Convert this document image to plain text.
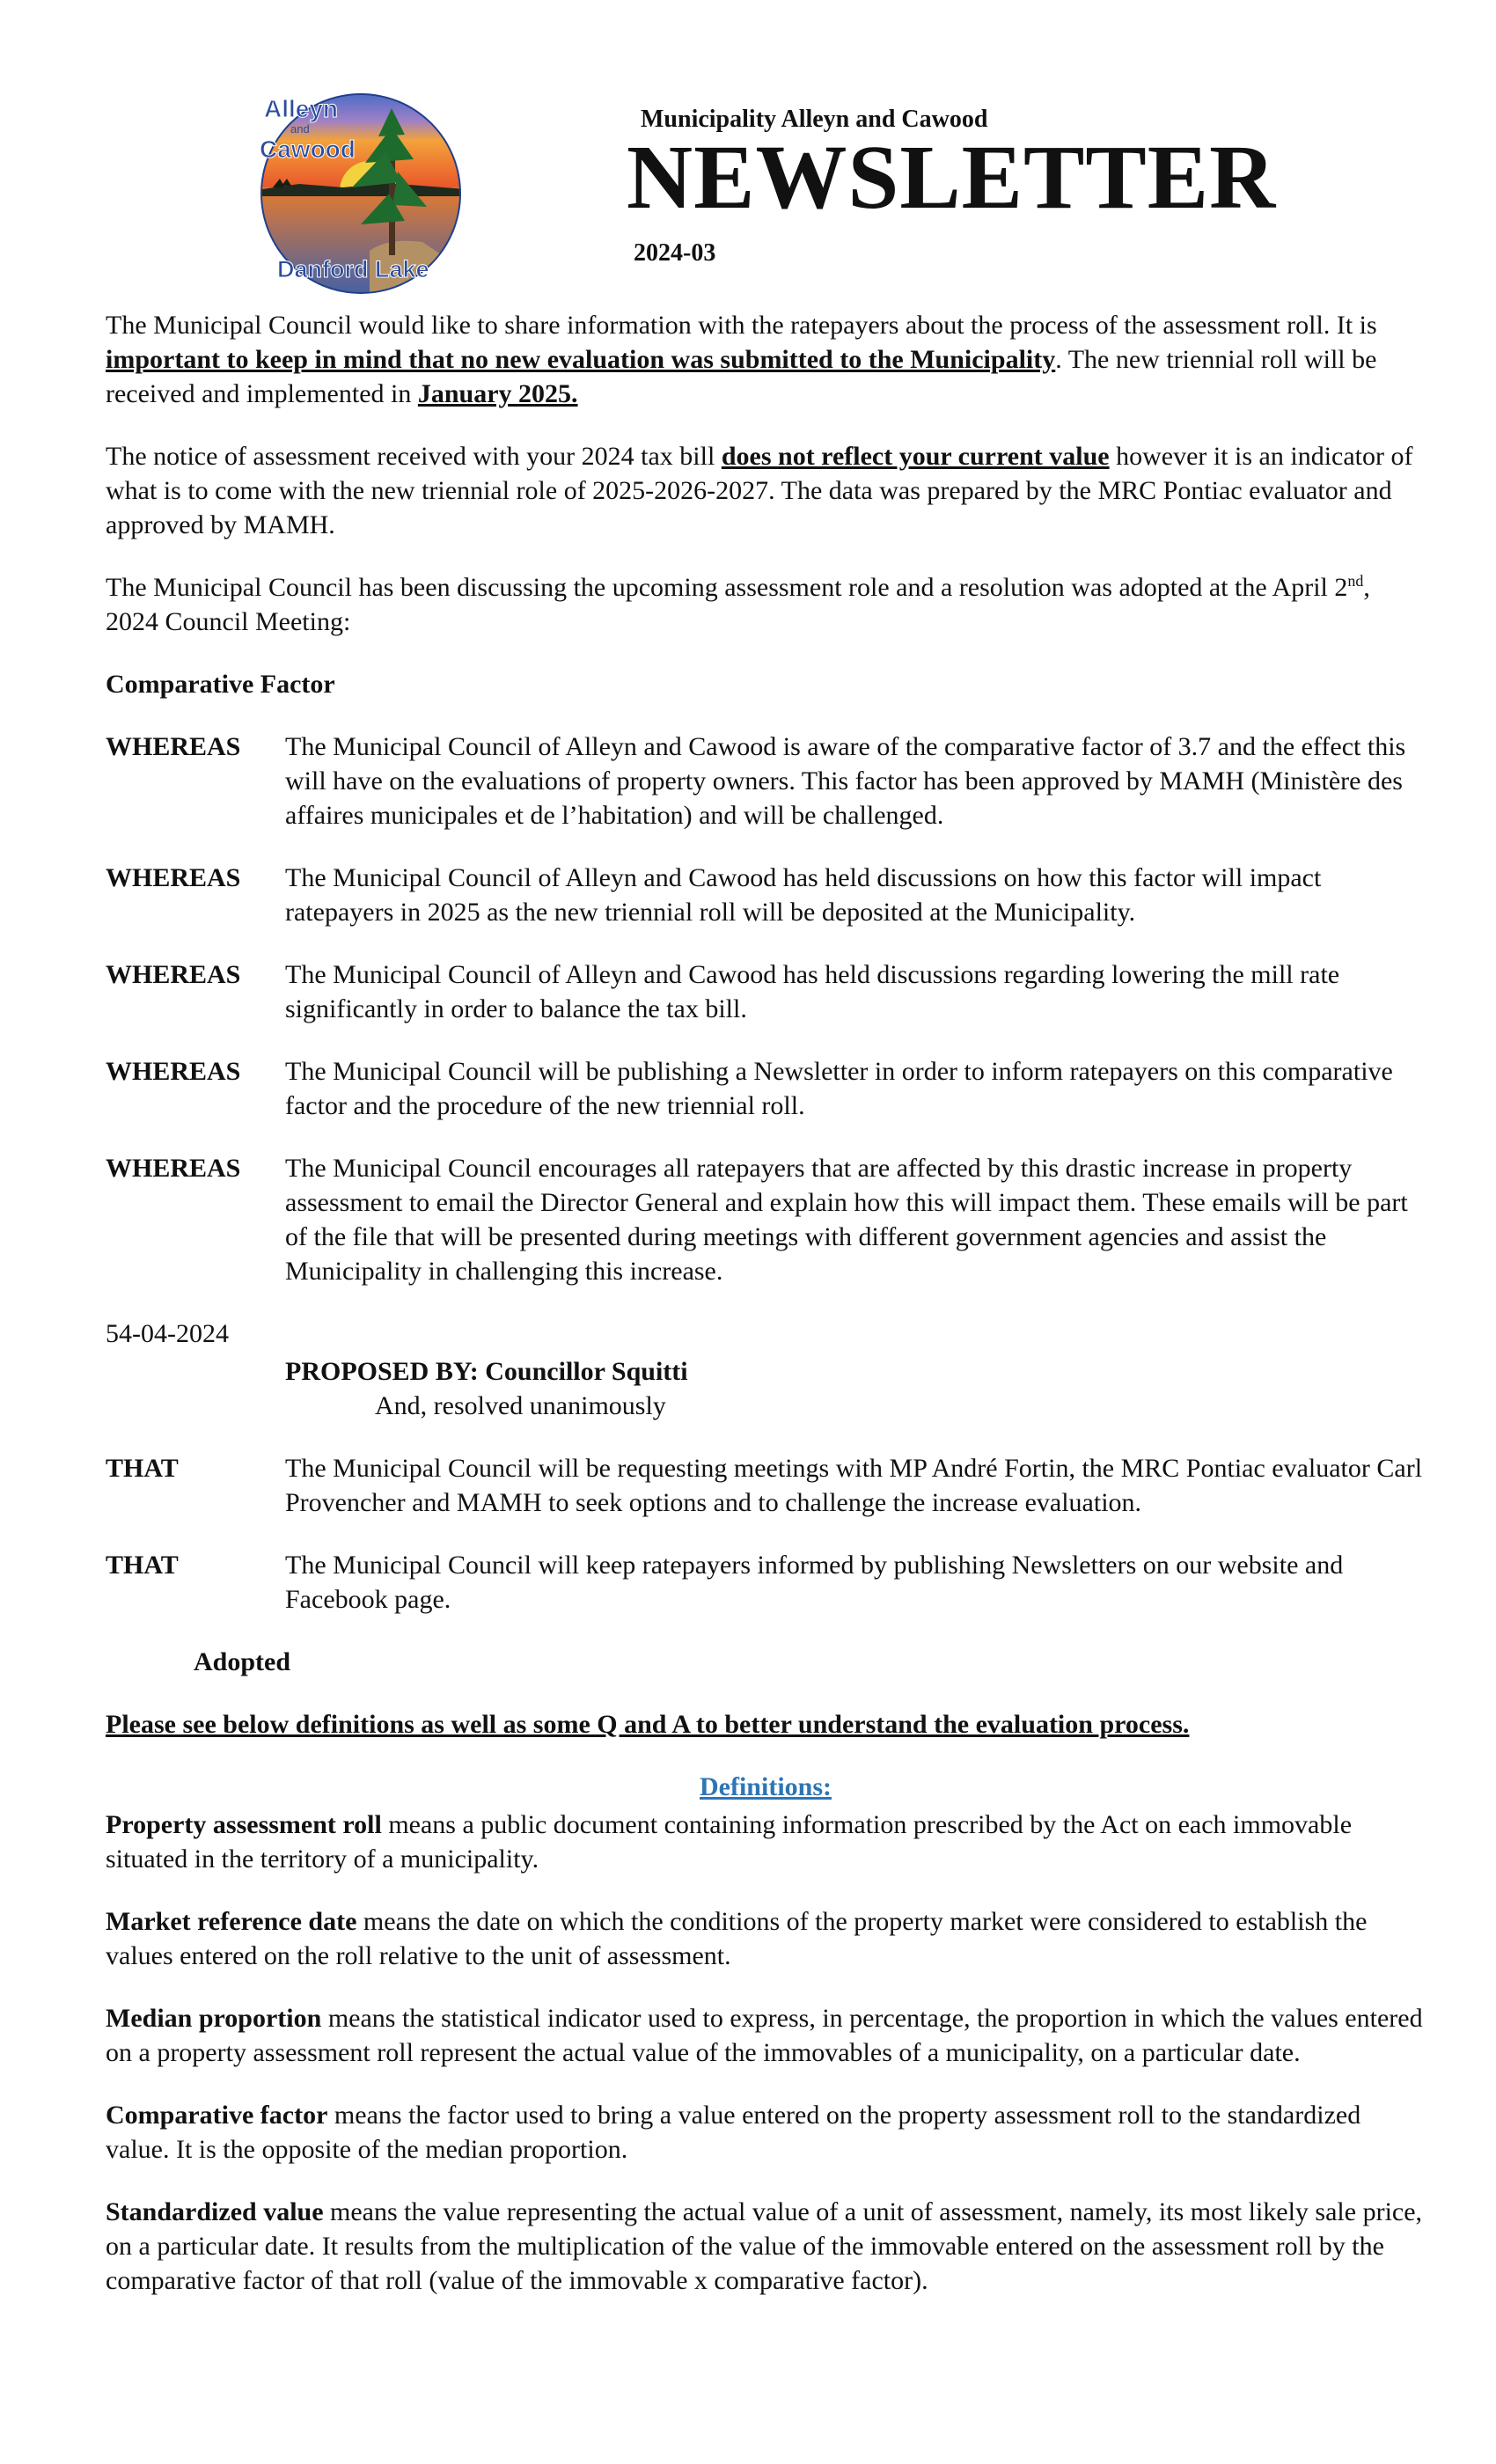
Alleyn
and
Cawood
Danford Lake
Municipality Alleyn and Cawood
NEWSLETTER
2024-03

The Municipal Council would like to share information with the ratepayers about the process of the assessment roll. It is important to keep in mind that no new evaluation was submitted to the Municipality. The new triennial roll will be received and implemented in January 2025.

The notice of assessment received with your 2024 tax bill does not reflect your current value however it is an indicator of what is to come with the new triennial role of 2025-2026-2027. The data was prepared by the MRC Pontiac evaluator and approved by MAMH.

The Municipal Council has been discussing the upcoming assessment role and a resolution was adopted at the April 2nd, 2024 Council Meeting:

Comparative Factor

WHEREAS	The Municipal Council of Alleyn and Cawood is aware of the comparative factor of 3.7 and the effect this will have on the evaluations of property owners. This factor has been approved by MAMH (Ministère des affaires municipales et de l’habitation) and will be challenged.
WHEREAS	The Municipal Council of Alleyn and Cawood has held discussions on how this factor will impact ratepayers in 2025 as the new triennial roll will be deposited at the Municipality.
WHEREAS	The Municipal Council of Alleyn and Cawood has held discussions regarding lowering the mill rate significantly in order to balance the tax bill.
WHEREAS	The Municipal Council will be publishing a Newsletter in order to inform ratepayers on this comparative factor and the procedure of the new triennial roll.
WHEREAS	The Municipal Council encourages all ratepayers that are affected by this drastic increase in property assessment to email the Director General and explain how this will impact them. These emails will be part of the file that will be presented during meetings with different government agencies and assist the Municipality in challenging this increase.
54-04-2024
PROPOSED BY: Councillor Squitti
And, resolved unanimously
THAT	The Municipal Council will be requesting meetings with MP André Fortin, the MRC Pontiac evaluator Carl Provencher and MAMH to seek options and to challenge the increase evaluation.
THAT	The Municipal Council will keep ratepayers informed by publishing Newsletters on our website and Facebook page.
Adopted

Please see below definitions as well as some Q and A to better understand the evaluation process.

Definitions:

Property assessment roll means a public document containing information prescribed by the Act on each immovable situated in the territory of a municipality.

Market reference date means the date on which the conditions of the property market were considered to establish the values entered on the roll relative to the unit of assessment.

Median proportion means the statistical indicator used to express, in percentage, the proportion in which the values entered on a property assessment roll represent the actual value of the immovables of a municipality, on a particular date.

Comparative factor means the factor used to bring a value entered on the property assessment roll to the standardized value. It is the opposite of the median proportion.

Standardized value means the value representing the actual value of a unit of assessment, namely, its most likely sale price, on a particular date. It results from the multiplication of the value of the immovable entered on the assessment roll by the comparative factor of that roll (value of the immovable x comparative factor).
